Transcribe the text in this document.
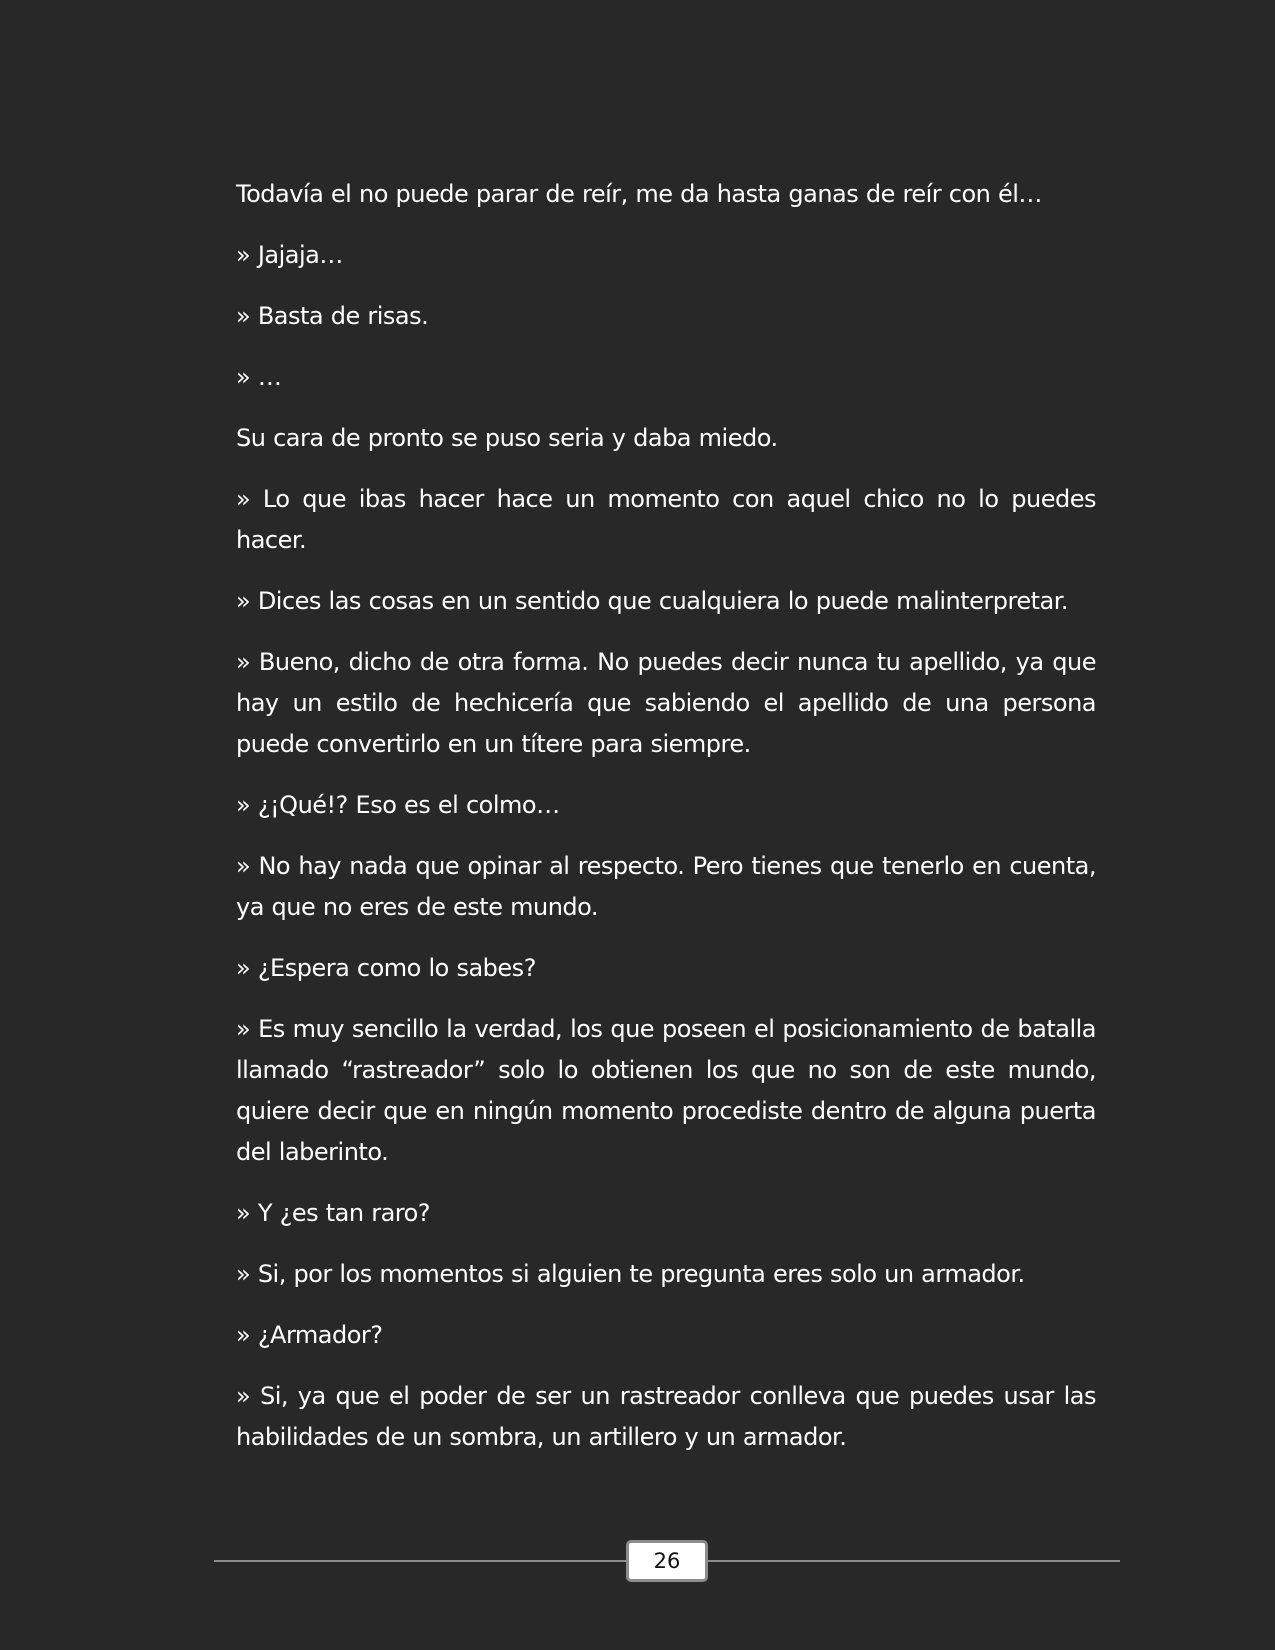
Todavía el no puede parar de reír, me da hasta ganas de reír con él…

» Jajaja…

» Basta de risas.

» …

Su cara de pronto se puso seria y daba miedo.

» Lo que ibas hacer hace un momento con aquel chico no lo puedes hacer.

» Dices las cosas en un sentido que cualquiera lo puede malinterpretar.

» Bueno, dicho de otra forma. No puedes decir nunca tu apellido, ya que hay un estilo de hechicería que sabiendo el apellido de una persona puede convertirlo en un títere para siempre.

» ¿¡Qué!? Eso es el colmo…

» No hay nada que opinar al respecto. Pero tienes que tenerlo en cuenta, ya que no eres de este mundo.

» ¿Espera como lo sabes?

» Es muy sencillo la verdad, los que poseen el posicionamiento de batalla llamado “rastreador” solo lo obtienen los que no son de este mundo, quiere decir que en ningún momento procediste dentro de alguna puerta del laberinto.

» Y ¿es tan raro?

» Si, por los momentos si alguien te pregunta eres solo un armador.

» ¿Armador?

» Si, ya que el poder de ser un rastreador conlleva que puedes usar las habilidades de un sombra, un artillero y un armador.

26
